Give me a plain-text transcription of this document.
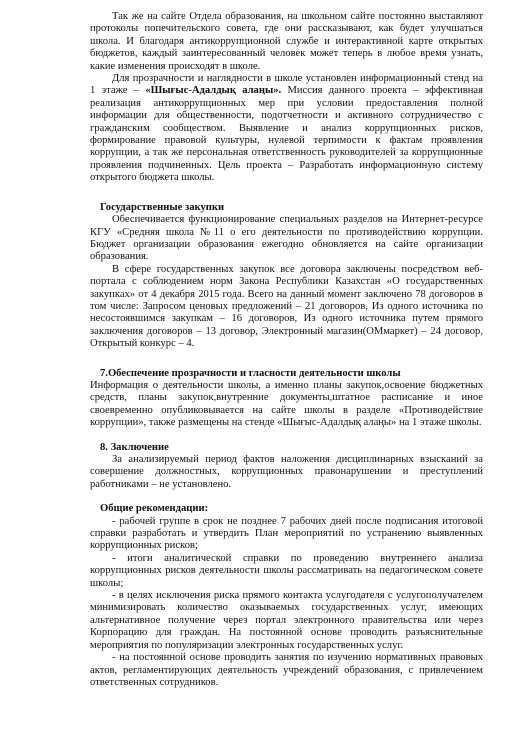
Так же на сайте Отдела образования, на школьном сайте постоянно выставляют протоколы попечительского совета, где они рассказывают, как будет улучшаться школа. И благодаря антикоррупционной службе и интерактивной карте открытых бюджетов, каждый заинтересованный человек может теперь в любое время узнать, какие изменения происходят в школе.

Для прозрачности и наглядности в школе установлен информационный стенд на 1 этаже – «Шығыс-Адалдық алаңы». Миссия данного проекта – эффективная реализация антикоррупционных мер при условии предоставления полной информации для общественности, подотчетности и активного сотрудничество с гражданским сообществом. Выявление и анализ коррупционных рисков, формирование правовой культуры, нулевой терпимости к фактам проявления коррупции, а так же персональная ответственность руководителей за коррупционные проявления подчиненных. Цель проекта – Разработать информационную систему открытого бюджета школы.

Государственные закупки

Обеспечивается функционирование специальных разделов на Интернет-ресурсе КГУ «Средняя школа №11 о его деятельности по противодействию коррупции. Бюджет организации образования ежегодно обновляется на сайте организации образования.

В сфере государственных закупок все договора заключены посредством веб-портала с соблюдением норм Закона Республики Казахстан «О государственных закупках» от 4 декабря 2015 года. Всего на данный момент заключено 78 договоров в том числе: Запросом ценовых предложений – 21 договоров, Из одного источника по несостоявшимся закупкам – 16 договоров, Из одного источника путем прямого заключения договоров – 13 договор, Электронный магазин(ОМмаркет) – 24 договор, Открытый конкурс – 4.

7.Обеспечение прозрачности и гласности деятельности школы

Информация о деятельности школы, а именно планы закупок,освоение бюджетных средств, планы закупок,внутренние документы,штатное расписание и иное своевременно опубликовывается на сайте школы в разделе «Противодействие коррупции», также размещены на стенде «Шығыс-Адалдық алаңы» на 1 этаже школы.

8. Заключение

За анализируемый период фактов наложения дисциплинарных взысканий за совершение должностных, коррупционных правонарушении и преступлений работниками – не установлено.

Общие рекомендации:

- рабочей группе в срок не позднее 7 рабочих дней после подписания итоговой справки разработать и утвердить План мероприятий по устранению выявленных коррупционных рисков;

- итоги аналитической справки по проведению внутреннего анализа коррупционных рисков деятельности школы рассматривать на педагогическом совете школы;

- в целях исключения риска прямого контакта услугодателя с услугополучателем минимизировать количество оказываемых государственных услуг, имеющих альтернативное получение через портал электронного правительства или через Корпорацию для граждан. На постоянной основе проводить разъяснительные мероприятия по популяризации электронных государственных услуг.

- на постоянной основе проводить занятия по изучению нормативных правовых актов, регламентирующих деятельность учреждений образования, с привлечением ответственных сотрудников.
